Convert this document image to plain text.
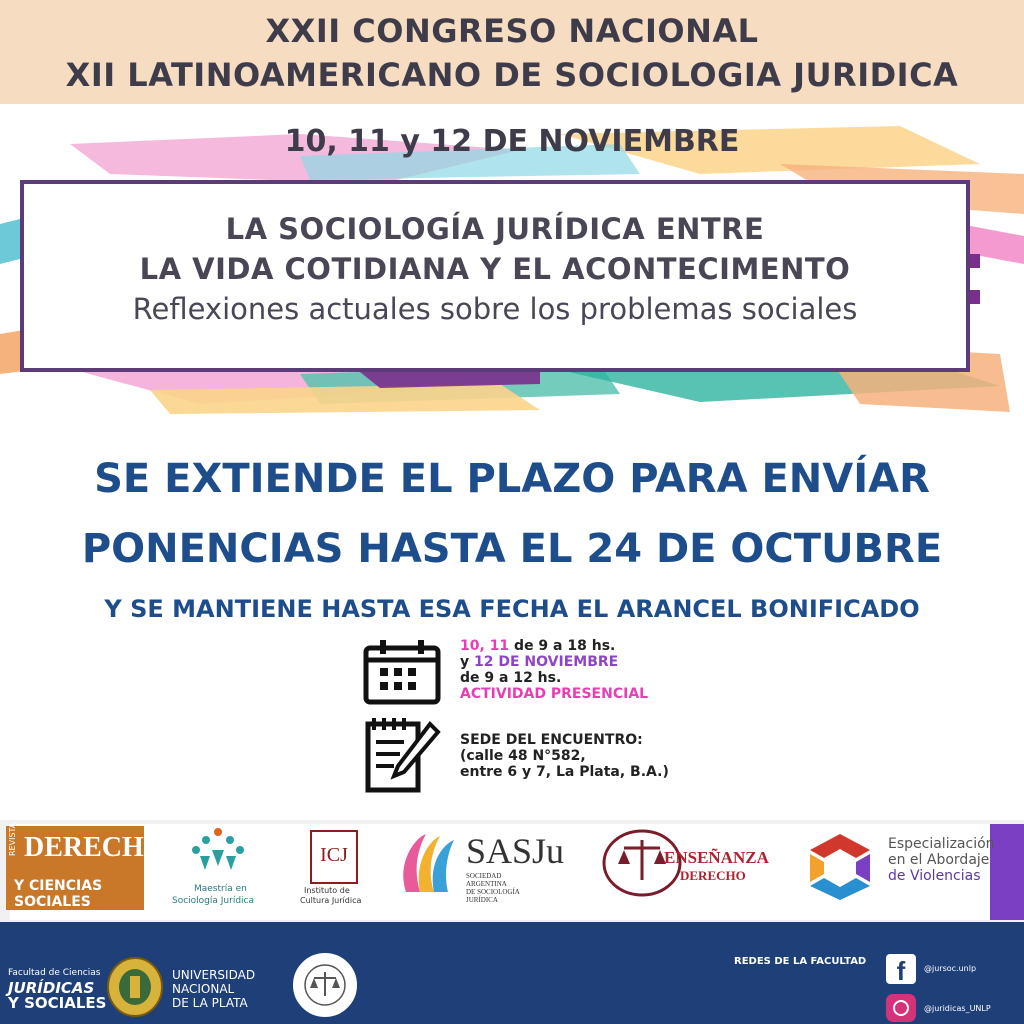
XXII CONGRESO NACIONAL
XII LATINOAMERICANO DE SOCIOLOGIA JURIDICA
10, 11 y 12 DE NOVIEMBRE
LA SOCIOLOGÍA JURÍDICA ENTRE
LA VIDA COTIDIANA Y EL ACONTECIMENTO
Reflexiones actuales sobre los problemas sociales
SE EXTIENDE EL PLAZO PARA ENVÍAR
PONENCIAS HASTA EL 24 DE OCTUBRE
Y SE MANTIENE HASTA ESA FECHA EL ARANCEL BONIFICADO
10, 11 de 9 a 18 hs.
y 12 DE NOVIEMBRE
de 9 a 12 hs.
ACTIVIDAD PRESENCIAL
SEDE DEL ENCUENTRO:
(calle 48 N°582,
entre 6 y 7, La Plata, B.A.)
REVISTA DERECHO
Y CIENCIAS SOCIALES
Maestría en
Sociología Jurídica
ICJ
Instituto de
Cultura Jurídica
SASJu
SOCIEDAD
ARGENTINA
DE SOCIOLOGÍA
JURÍDICA
ENSEÑANZA
DERECHO
Especialización
en el Abordaje
de Violencias
Facultad de Ciencias
JURÍDICAS
Y SOCIALES
UNIVERSIDAD
NACIONAL
DE LA PLATA
REDES DE LA FACULTAD	f	@jursoc.unlp
@juridicas_UNLP
